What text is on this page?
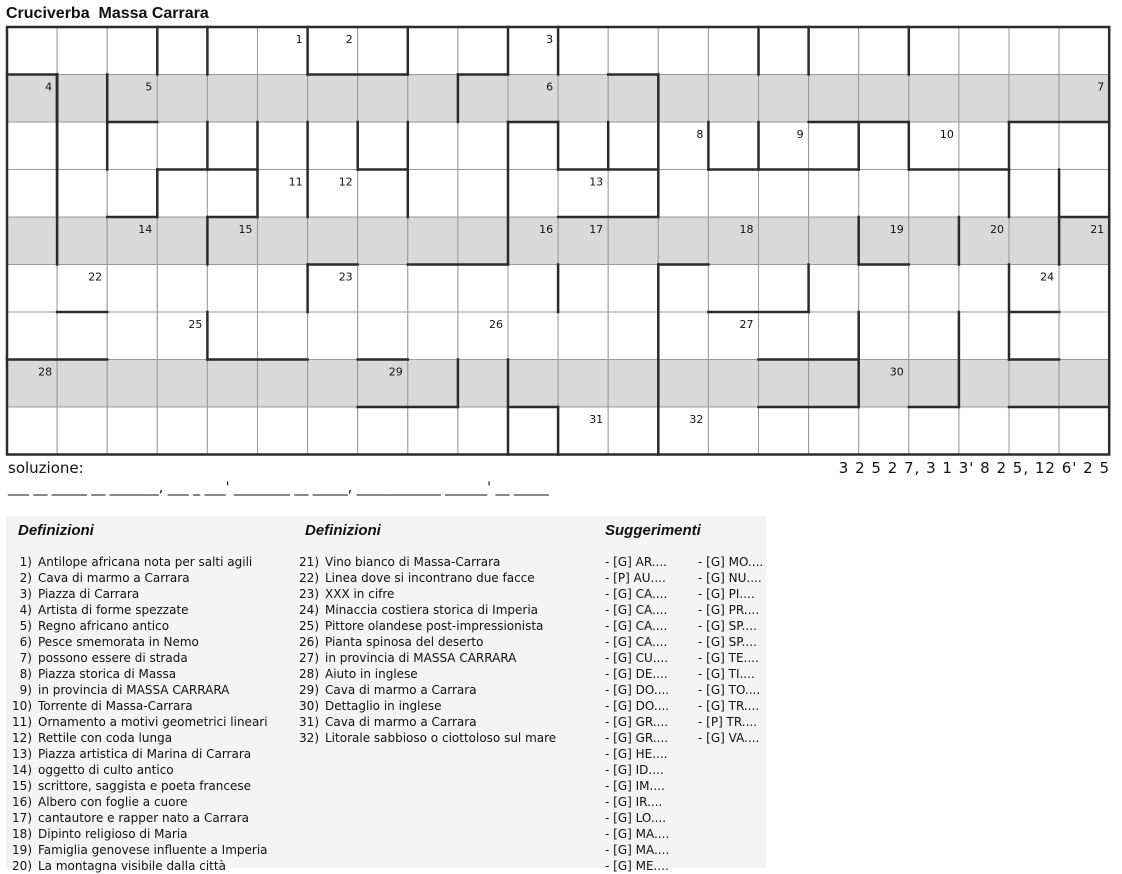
Cruciverba  Massa Carrara
1	2	3
4	5	6	7
8	9	10
11	12	13
14	15	16	17	18	19	20	21
22	23	24
25	26	27
28	29	30
31	32
soluzione:	3 2 5 2 7, 3 1 3' 8 2 5, 12 6' 2 5
___ __ _____ __ _______, ___ _ ___' ________ __ _____, ____________ ______' __ _____
Definizioni
1) Antilope africana nota per salti agili
2) Cava di marmo a Carrara
3) Piazza di Carrara
4) Artista di forme spezzate
5) Regno africano antico
6) Pesce smemorata in Nemo
7) possono essere di strada
8) Piazza storica di Massa
9) in provincia di MASSA CARRARA
10) Torrente di Massa-Carrara
11) Ornamento a motivi geometrici lineari
12) Rettile con coda lunga
13) Piazza artistica di Marina di Carrara
14) oggetto di culto antico
15) scrittore, saggista e poeta francese
16) Albero con foglie a cuore
17) cantautore e rapper nato a Carrara
18) Dipinto religioso di Maria
19) Famiglia genovese influente a Imperia
20) La montagna visibile dalla città
Definizioni
21) Vino bianco di Massa-Carrara
22) Linea dove si incontrano due facce
23) XXX in cifre
24) Minaccia costiera storica di Imperia
25) Pittore olandese post-impressionista
26) Pianta spinosa del deserto
27) in provincia di MASSA CARRARA
28) Aiuto in inglese
29) Cava di marmo a Carrara
30) Dettaglio in inglese
31) Cava di marmo a Carrara
32) Litorale sabbioso o ciottoloso sul mare
Suggerimenti
- [G] AR....
- [P] AU....
- [G] CA....
- [G] CA....
- [G] CA....
- [G] CA....
- [G] CU....
- [G] DE....
- [G] DO....
- [G] DO....
- [G] GR....
- [G] GR....
- [G] HE....
- [G] ID....
- [G] IM....
- [G] IR....
- [G] LO....
- [G] MA....
- [G] MA....
- [G] ME....
- [G] MO....
- [G] NU....
- [G] PI....
- [G] PR....
- [G] SP....
- [G] SP....
- [G] TE....
- [G] TI....
- [G] TO....
- [G] TR....
- [P] TR....
- [G] VA....
